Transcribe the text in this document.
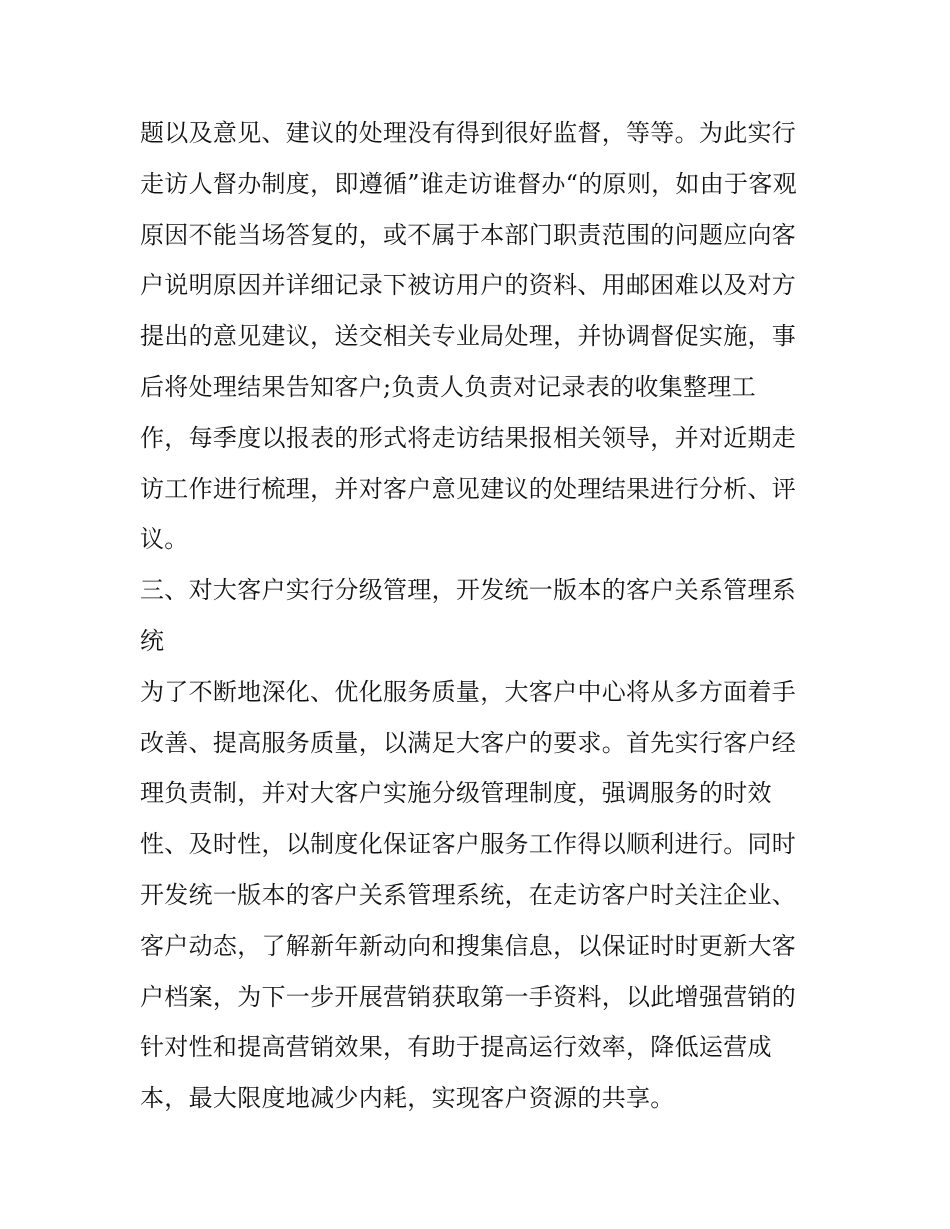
题以及意见、建议的处理没有得到很好监督，等等。为此实行
走访人督办制度，即遵循”谁走访谁督办“的原则，如由于客观
原因不能当场答复的，或不属于本部门职责范围的问题应向客
户说明原因并详细记录下被访用户的资料、用邮困难以及对方
提出的意见建议，送交相关专业局处理，并协调督促实施，事
后将处理结果告知客户;负责人负责对记录表的收集整理工
作，每季度以报表的形式将走访结果报相关领导，并对近期走
访工作进行梳理，并对客户意见建议的处理结果进行分析、评
议。
三、对大客户实行分级管理，开发统一版本的客户关系管理系
统
为了不断地深化、优化服务质量，大客户中心将从多方面着手
改善、提高服务质量，以满足大客户的要求。首先实行客户经
理负责制，并对大客户实施分级管理制度，强调服务的时效
性、及时性，以制度化保证客户服务工作得以顺利进行。同时
开发统一版本的客户关系管理系统，在走访客户时关注企业、
客户动态，了解新年新动向和搜集信息，以保证时时更新大客
户档案，为下一步开展营销获取第一手资料，以此增强营销的
针对性和提高营销效果，有助于提高运行效率，降低运营成
本，最大限度地减少内耗，实现客户资源的共享。
